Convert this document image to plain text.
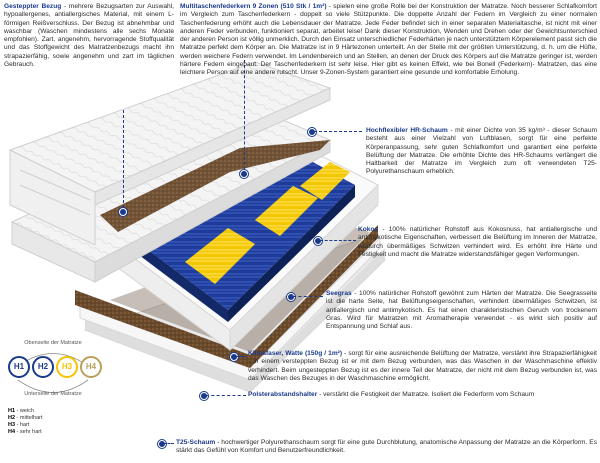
Gesteppter Bezug - mehrere Bezugsarten zur Auswahl, hypoallergenes, antiallergisches Material, mit einem L-förmigen Reißverschluss. Der Bezug ist abnehmbar und waschbar (Waschen mindestens alle sechs Monate empfohlen). Zart, angenehm, hervorragende Stoffqualität und das Stoffgewicht des Matratzenbezugs macht ihn strapazierfähig, sowie angenehm und zart im täglichen Gebrauch.

Multitaschenfederkern 9 Zonen (510 Stk / 1m²) - spielen eine große Rolle bei der Konstruktion der Matratze. Noch besserer Schlafkomfort im Vergleich zum Taschenfederkern - doppelt so viele Stützpunkte. Die doppelte Anzahl der Federn im Vergleich zu einer normalen Taschenfederung erhöht auch die Lebensdauer der Matratze. Jede Feder befindet sich in einer separaten Materialtasche, ist nicht mit einer anderen Feder verbunden, funktioniert separat, arbeitet leise! Dank dieser Konstruktion, Wenden und Drehen oder der Gewichtsunterschied der anderen Person ist völlig unmerklich. Durch den Einsatz unterschiedlicher Federhärten je nach unterstütztem Körperelement passt sich die Matratze perfekt dem Körper an. Die Matratze ist in 9 Härtezonen unterteilt. An der Stelle mit der größten Unterstützung, d. h. um die Hüfte, werden weichere Federn verwendet. Im Lendenbereich und an Stellen, an denen der Druck des Körpers auf die Matratze geringer ist, werden härtere Federn eingebaut. Der Taschenfederkern ist sehr leise. Hier gibt es keinen Effekt, wie bei Bonell (Federkern)- Matratzen, das eine leichtere Person auf eine andere rutscht. Unser 9-Zonen-System garantiert eine gesunde und komfortable Erholung.

Hochflexibler HR-Schaum - mit einer Dichte von 35 kg/m³ - dieser Schaum besteht aus einer Vielzahl von Luftblasen, sorgt für eine perfekte Körperanpassung, sehr guten Schlafkomfort und garantiert eine perfekte Belüftung der Matratze. Die erhöhte Dichte des HR-Schaums verlängert die Haltbarkeit der Matratze im Vergleich zum oft verwendeten T25-Polyurethanschaum erheblich.

Kokos - 100% natürlicher Rohstoff aus Kokosnuss, hat antiallergische und antimykotische Eigenschaften, verbessert die Belüftung im Inneren der Matratze, wodurch übermäßiges Schwitzen verhindert wird. Es erhöht ihre Härte und Festigkeit und macht die Matratze widerstandsfähiger gegen Verformungen.

Seegras - 100% natürlicher Rohstoff gewöhnt zum Härten der Matratze. Die Seegrasseite ist die harte Seite, hat Belüftungseigenschaften, verhindert übermäßiges Schwitzen, ist antiallergisch und antimykotisch. Es hat einen charakteristischen Geruch von trockenem Gras. Wird für Matratzen mit Aromatherapie verwendet - es wirkt sich positiv auf Entspannung und Schlaf aus.

Klimafaser, Watte (150g / 1m²) - sorgt für eine ausreichende Belüftung der Matratze, verstärkt ihre Strapazierfähigkeit - in einem versteppten Bezug ist er mit dem Bezug verbunden, was das Waschen in der Waschmaschine effektiv verhindert. Beim ungesteppten Bezug ist es der innere Teil der Matratze, der nicht mit dem Bezug verbunden ist, was das Waschen des Bezuges in der Waschmaschine ermöglicht.

Polsterabstandshalter - verstärkt die Festigkeit der Matratze. Isoliert die Federform vom Schaum

T25-Schaum - hochwertiger Polyurethanschaum sorgt für eine gute Durchblutung, anatomische Anpassung der Matratze an die Körperform. Es stärkt das Gefühl von Komfort und Benutzerfreundlichkeit.

Obenseite der Matratze
H1	H2	H3	H4
Unterseite der Matratze
H1 - weich
H2 - mittelhart
H3 - hart
H4 - sehr hart
